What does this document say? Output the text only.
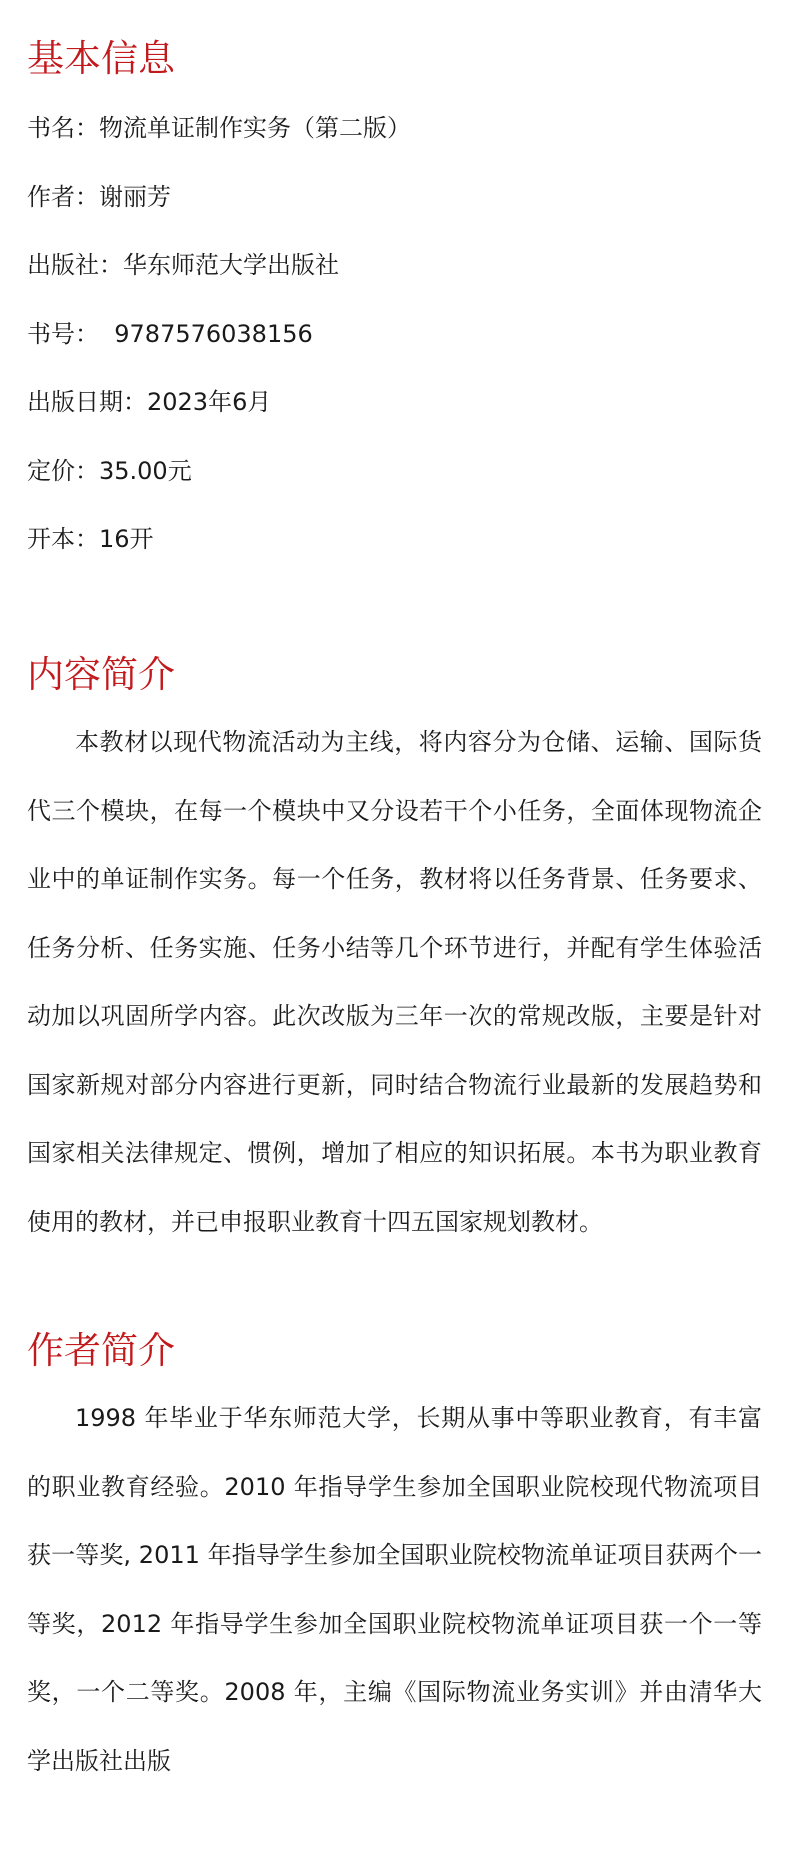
基本信息

书名：物流单证制作实务（第二版）

作者：谢丽芳

出版社：华东师范大学出版社

书号：  9787576038156

出版日期：2023年6月

定价：35.00元

开本：16开

内容简介

本教材以现代物流活动为主线，将内容分为仓储、运输、国际货代三个模块，在每一个模块中又分设若干个小任务，全面体现物流企业中的单证制作实务。每一个任务，教材将以任务背景、任务要求、任务分析、任务实施、任务小结等几个环节进行，并配有学生体验活动加以巩固所学内容。此次改版为三年一次的常规改版，主要是针对国家新规对部分内容进行更新，同时结合物流行业最新的发展趋势和国家相关法律规定、惯例，增加了相应的知识拓展。本书为职业教育使用的教材，并已申报职业教育十四五国家规划教材。

作者简介

1998 年毕业于华东师范大学，长期从事中等职业教育，有丰富的职业教育经验。2010 年指导学生参加全国职业院校现代物流项目获一等奖, 2011 年指导学生参加全国职业院校物流单证项目获两个一等奖，2012 年指导学生参加全国职业院校物流单证项目获一个一等奖，一个二等奖。2008 年，主编《国际物流业务实训》并由清华大学出版社出版
